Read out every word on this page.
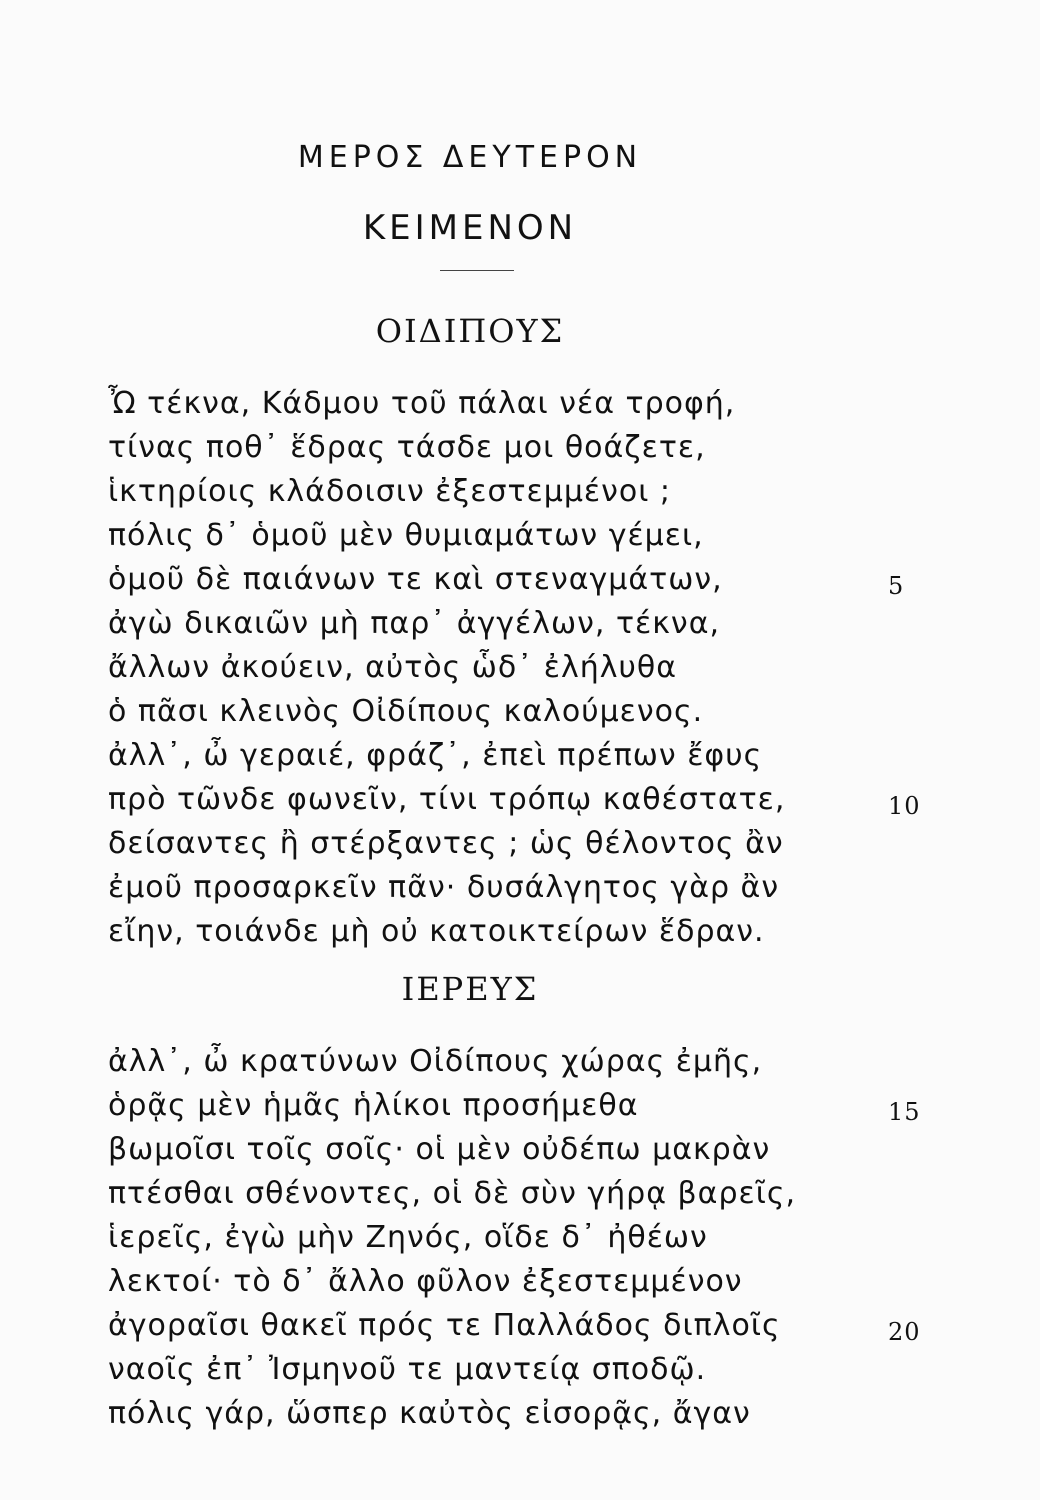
ΜΕΡΟΣ ΔΕΥΤΕΡΟΝ
ΚΕΙΜΕΝΟΝ
ΟΙΔΙΠΟΥΣ
Ὦ τέκνα, Κάδμου τοῦ πάλαι νέα τροφή,
τίνας ποθ᾿ ἕδρας τάσδε μοι θοάζετε,
ἱκτηρίοις κλάδοισιν ἐξεστεμμένοι ;
πόλις δ᾿ ὁμοῦ μὲν θυμιαμάτων γέμει,
ὁμοῦ δὲ παιάνων τε καὶ στεναγμάτων,	5
ἀγὼ δικαιῶν μὴ παρ᾿ ἀγγέλων, τέκνα,
ἄλλων ἀκούειν, αὐτὸς ὧδ᾿ ἐλήλυθα
ὁ πᾶσι κλεινὸς Οἰδίπους καλούμενος.
ἀλλ᾿, ὦ γεραιέ, φράζ᾿, ἐπεὶ πρέπων ἔφυς
πρὸ τῶνδε φωνεῖν, τίνι τρόπῳ καθέστατε,	10
δείσαντες ἢ στέρξαντες ; ὡς θέλοντος ἂν
ἐμοῦ προσαρκεῖν πᾶν· δυσάλγητος γὰρ ἂν
εἴην, τοιάνδε μὴ οὐ κατοικτείρων ἕδραν.
ΙΕΡΕΥΣ
ἀλλ᾿, ὦ κρατύνων Οἰδίπους χώρας ἐμῆς,
ὁρᾷς μὲν ἡμᾶς ἡλίκοι προσήμεθα	15
βωμοῖσι τοῖς σοῖς· οἱ μὲν οὐδέπω μακρὰν
πτέσθαι σθένοντες, οἱ δὲ σὺν γήρᾳ βαρεῖς,
ἱερεῖς, ἐγὼ μὴν Ζηνός, οἵδε δ᾿ ἠθέων
λεκτοί· τὸ δ᾿ ἄλλο φῦλον ἐξεστεμμένον
ἀγοραῖσι θακεῖ πρός τε Παλλάδος διπλοῖς	20
ναοῖς ἐπ᾿ Ἰσμηνοῦ τε μαντείᾳ σποδῷ.
πόλις γάρ, ὥσπερ καὐτὸς εἰσορᾷς, ἄγαν
